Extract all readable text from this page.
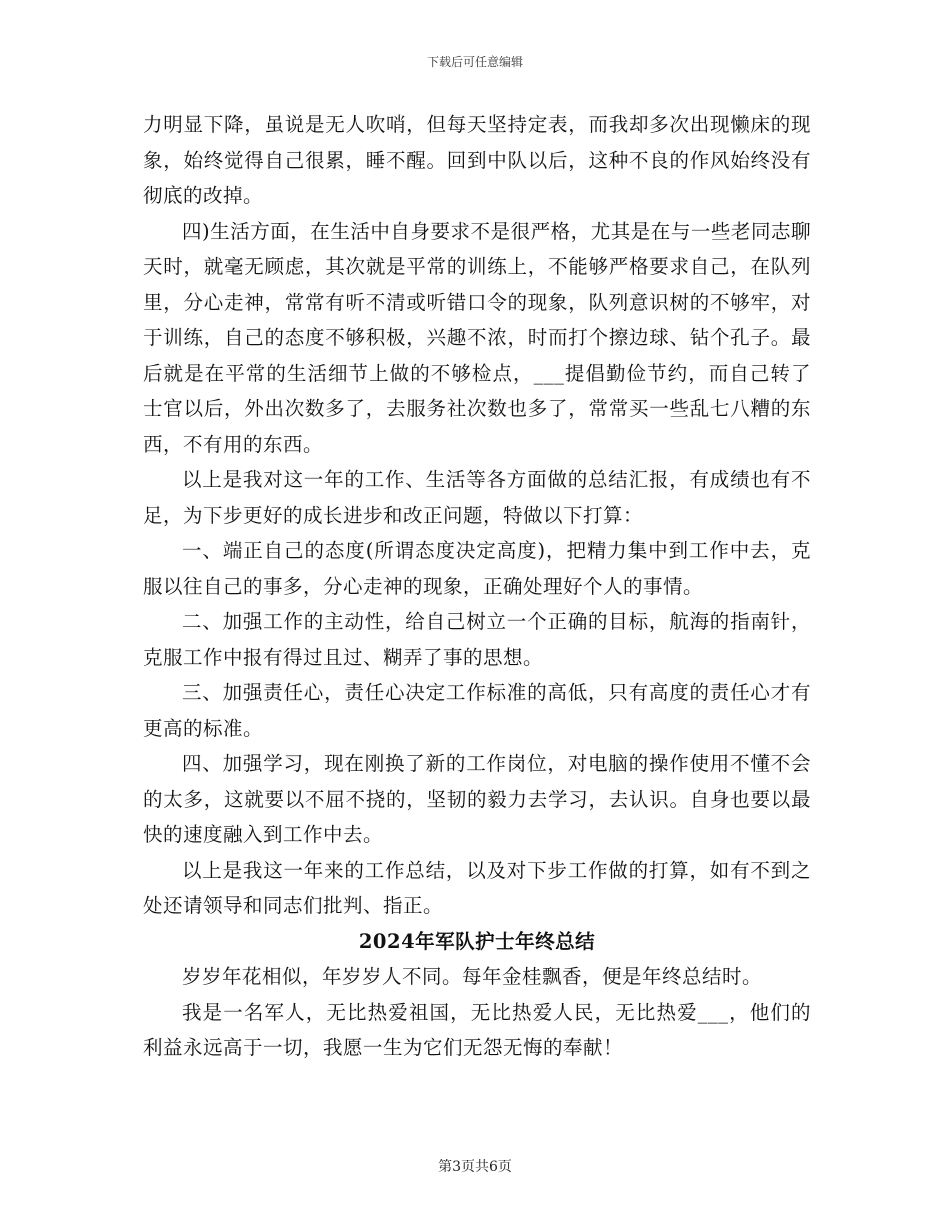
下载后可任意编辑

力明显下降，虽说是无人吹哨，但每天坚持定表，而我却多次出现懒床的现象，始终觉得自己很累，睡不醒。回到中队以后，这种不良的作风始终没有彻底的改掉。

四)生活方面，在生活中自身要求不是很严格，尤其是在与一些老同志聊天时，就毫无顾虑，其次就是平常的训练上，不能够严格要求自己，在队列里，分心走神，常常有听不清或听错口令的现象，队列意识树的不够牢，对于训练，自己的态度不够积极，兴趣不浓，时而打个擦边球、钻个孔子。最后就是在平常的生活细节上做的不够检点，___提倡勤俭节约，而自己转了士官以后，外出次数多了，去服务社次数也多了，常常买一些乱七八糟的东西，不有用的东西。

以上是我对这一年的工作、生活等各方面做的总结汇报，有成绩也有不足，为下步更好的成长进步和改正问题，特做以下打算：

一、端正自己的态度(所谓态度决定高度)，把精力集中到工作中去，克服以往自己的事多，分心走神的现象，正确处理好个人的事情。

二、加强工作的主动性，给自己树立一个正确的目标，航海的指南针，克服工作中报有得过且过、糊弄了事的思想。

三、加强责任心，责任心决定工作标准的高低，只有高度的责任心才有更高的标准。

四、加强学习，现在刚换了新的工作岗位，对电脑的操作使用不懂不会的太多，这就要以不屈不挠的，坚韧的毅力去学习，去认识。自身也要以最快的速度融入到工作中去。

以上是我这一年来的工作总结，以及对下步工作做的打算，如有不到之处还请领导和同志们批判、指正。

2024年军队护士年终总结

岁岁年花相似，年岁岁人不同。每年金桂飘香，便是年终总结时。

我是一名军人，无比热爱祖国，无比热爱人民，无比热爱___，他们的利益永远高于一切，我愿一生为它们无怨无悔的奉献！

第3页共6页
